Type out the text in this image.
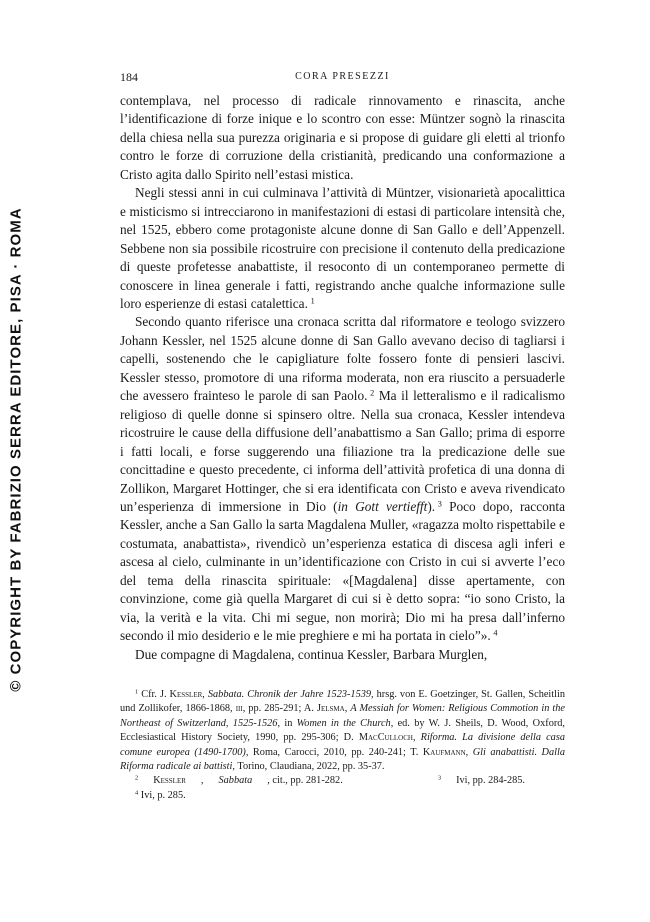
© COPYRIGHT BY FABRIZIO SERRA EDITORE, PISA · ROMA
184	CORA PRESEZZI

contemplava, nel processo di radicale rinnovamento e rinascita, anche l’identificazione di forze inique e lo scontro con esse: Müntzer sognò la rinascita della chiesa nella sua purezza originaria e si propose di guidare gli eletti al trionfo contro le forze di corruzione della cristianità, predicando una conformazione a Cristo agita dallo Spirito nell’estasi mistica.

Negli stessi anni in cui culminava l’attività di Müntzer, visionarietà apocalittica e misticismo si intrecciarono in manifestazioni di estasi di particolare intensità che, nel 1525, ebbero come protagoniste alcune donne di San Gallo e dell’Appenzell. Sebbene non sia possibile ricostruire con precisione il contenuto della predicazione di queste profetesse anabattiste, il resoconto di un contemporaneo permette di conoscere in linea generale i fatti, registrando anche qualche informazione sulle loro esperienze di estasi catalettica.  $^1$

Secondo quanto riferisce una cronaca scritta dal riformatore e teologo svizzero Johann Kessler, nel 1525 alcune donne di San Gallo avevano deciso di tagliarsi i capelli, sostenendo che le capigliature folte fossero fonte di pensieri lascivi. Kessler stesso, promotore di una riforma moderata, non era riuscito a persuaderle che avessero frainteso le parole di san Paolo.  $^2$ Ma il letteralismo e il radicalismo religioso di quelle donne si spinsero oltre. Nella sua cronaca, Kessler intendeva ricostruire le cause della diffusione dell’anabattismo a San Gallo; prima di esporre i fatti locali, e forse suggerendo una filiazione tra la predicazione delle sue concittadine e questo precedente, ci informa dell’attività profetica di una donna di Zollikon, Margaret Hottinger, che si era identificata con Cristo e aveva rivendicato un’esperienza di immersione in Dio (in Gott vertiefft).  $^3$ Poco dopo, racconta Kessler, anche a San Gallo la sarta Magdalena Muller, «ragazza molto rispettabile e costumata, anabattista», rivendicò un’esperienza estatica di discesa agli inferi e ascesa al cielo, culminante in un’identificazione con Cristo in cui si avverte l’eco del tema della rinascita spirituale: «[Magdalena] disse apertamente, con convinzione, come già quella Margaret di cui si è detto sopra: “io sono Cristo, la via, la verità e la vita. Chi mi segue, non morirà; Dio mi ha presa dall’inferno secondo il mio desiderio e le mie preghiere e mi ha portata in cielo”».  $^4$

Due compagne di Magdalena, continua Kessler, Barbara Murglen,

$^1$ Cfr. J. Kessler, Sabbata. Chronik der Jahre 1523-1539, hrsg. von E. Goetzinger, St. Gallen, Scheitlin und Zollikofer, 1866-1868, iii, pp. 285-291; A. Jelsma, A Messiah for Women: Religious Commotion in the Northeast of Switzerland, 1525-1526, in Women in the Church, ed. by W. J. Sheils, D. Wood, Oxford, Ecclesiastical History Society, 1990, pp. 295-306; D. MacCulloch, Riforma. La divisione della casa comune europea (1490-1700), Roma, Carocci, 2010, pp. 240-241; T. Kaufmann, Gli anabattisti. Dalla Riforma radicale ai battisti, Torino, Claudiana, 2022, pp. 35-37.

$^2$ Kessler ,Sabbata , cit., pp. 281-282.	$^3$Ivi, pp. 284-285.

$^4$ Ivi, p. 285.
